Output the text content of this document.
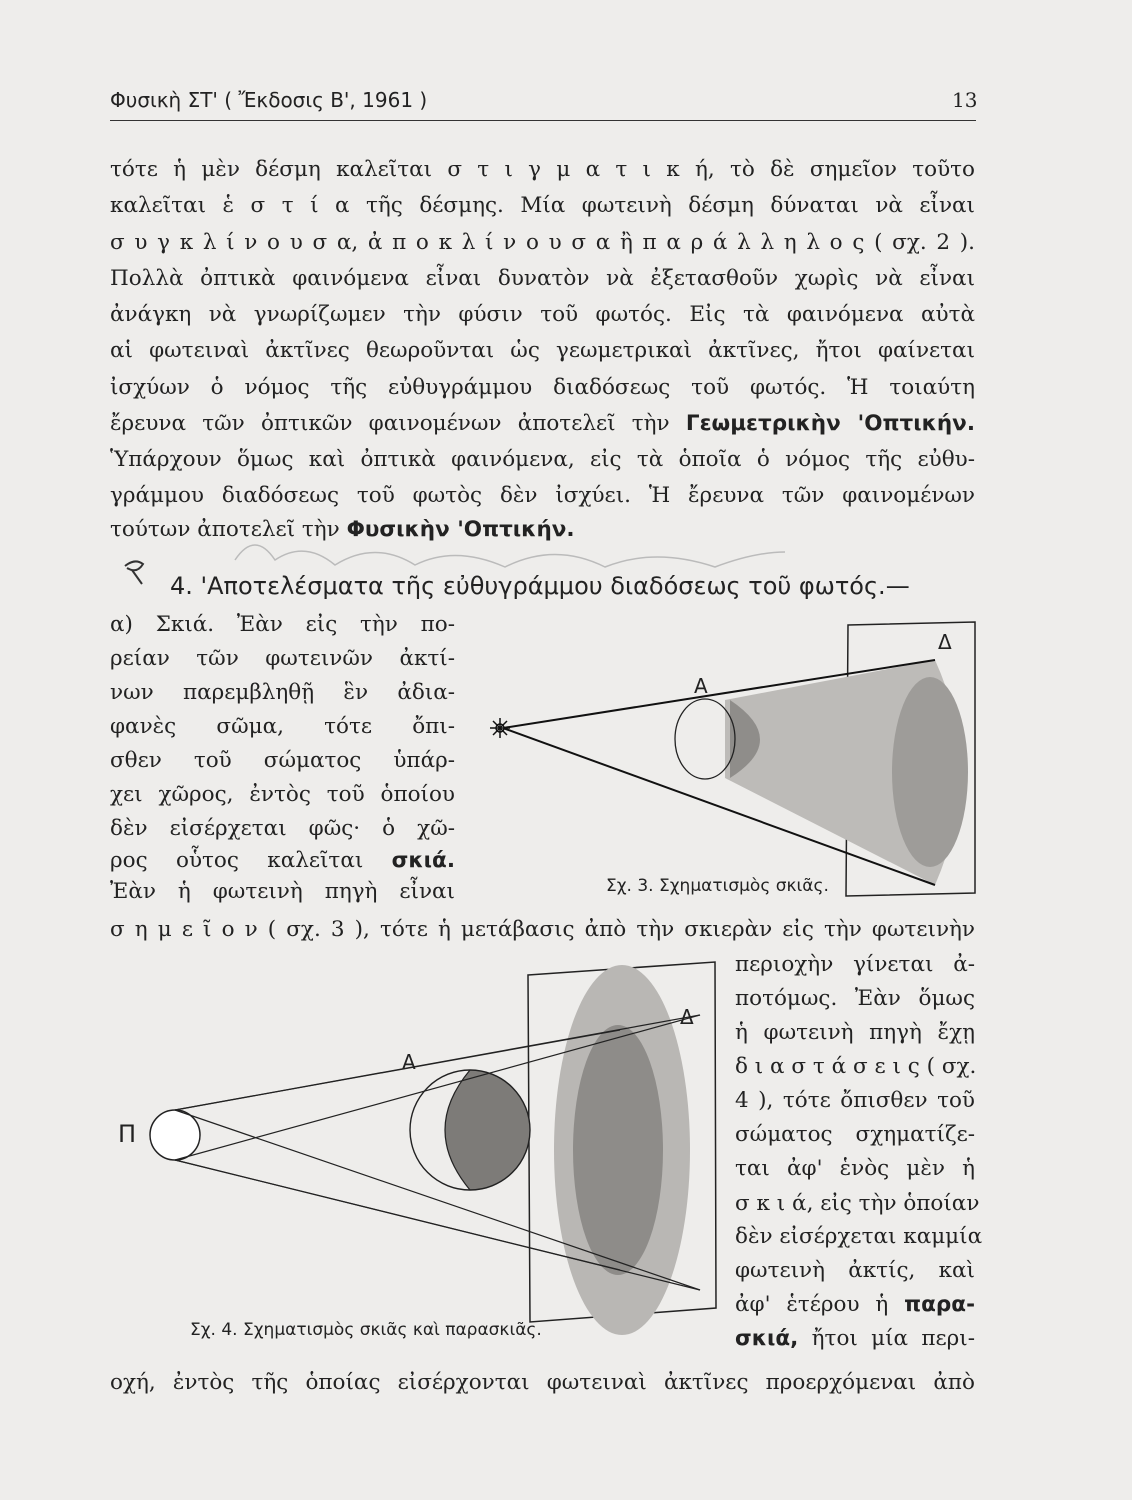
Φυσικὴ ΣΤ' ( Ἔκδοσις Β', 1961 )	13
τότε ἡ μὲν δέσμη καλεῖται σ τ ι γ μ α τ ι κ ή, τὸ δὲ σημεῖον τοῦτο
καλεῖται ἑ σ τ ί α τῆς δέσμης. Μία φωτεινὴ δέσμη δύναται νὰ εἶναι
σ υ γ κ λ ί ν ο υ σ α, ἀ π ο κ λ ί ν ο υ σ α ἢ π α ρ ά λ λ η λ ο ς ( σχ. 2 ).
Πολλὰ ὀπτικὰ φαινόμενα εἶναι δυνατὸν νὰ ἐξετασθοῦν χωρὶς νὰ εἶναι
ἀνάγκη νὰ γνωρίζωμεν τὴν φύσιν τοῦ φωτός. Εἰς τὰ φαινόμενα αὐτὰ
αἱ φωτειναὶ ἀκτῖνες θεωροῦνται ὡς γεωμετρικαὶ ἀκτῖνες, ἤτοι φαίνεται
ἰσχύων ὁ νόμος τῆς εὐθυγράμμου διαδόσεως τοῦ φωτός. Ἡ τοιαύτη
ἔρευνα τῶν ὀπτικῶν φαινομένων ἀποτελεῖ τὴν Γεωμετρικὴν 'Οπτικήν.
Ὑπάρχουν ὅμως καὶ ὀπτικὰ φαινόμενα, εἰς τὰ ὁποῖα ὁ νόμος τῆς εὐθυ-
γράμμου διαδόσεως τοῦ φωτὸς δὲν ἰσχύει. Ἡ ἔρευνα τῶν φαινομένων
τούτων ἀποτελεῖ τὴν Φυσικὴν 'Οπτικήν.
4. 'Αποτελέσματα τῆς εὐθυγράμμου διαδόσεως τοῦ φωτός.—
α) Σκιά. Ἐὰν εἰς τὴν πο-
ρείαν τῶν φωτεινῶν ἀκτί-
νων παρεμβληθῇ ἓν ἀδια-
φανὲς σῶμα, τότε ὄπι-
σθεν τοῦ σώματος ὑπάρ-
χει χῶρος, ἐντὸς τοῦ ὁποίου
δὲν εἰσέρχεται φῶς· ὁ χῶ-
ρος οὗτος καλεῖται σκιά.
Ἐὰν ἡ φωτεινὴ πηγὴ εἶναι
Α
Δ
Σχ. 3. Σχηματισμὸς σκιᾶς.
σ η μ ε ῖ ο ν ( σχ. 3 ), τότε ἡ μετάβασις ἀπὸ τὴν σκιερὰν εἰς τὴν φωτεινὴν
περιοχὴν γίνεται ἀ-
ποτόμως. Ἐὰν ὅμως
ἡ φωτεινὴ πηγὴ ἔχῃ
δ ι α σ τ ά σ ε ι ς ( σχ.
4 ), τότε ὄπισθεν τοῦ
σώματος σχηματίζε-
ται ἀφ' ἑνὸς μὲν ἡ
σ κ ι ά, εἰς τὴν ὁποίαν
δὲν εἰσέρχεται καμμία
φωτεινὴ ἀκτίς, καὶ
ἀφ' ἑτέρου ἡ παρα-
σκιά, ἤτοι μία περι-
Π
Α
Δ
Σχ. 4. Σχηματισμὸς σκιᾶς καὶ παρασκιᾶς.
οχή, ἐντὸς τῆς ὁποίας εἰσέρχονται φωτειναὶ ἀκτῖνες προερχόμεναι ἀπὸ
